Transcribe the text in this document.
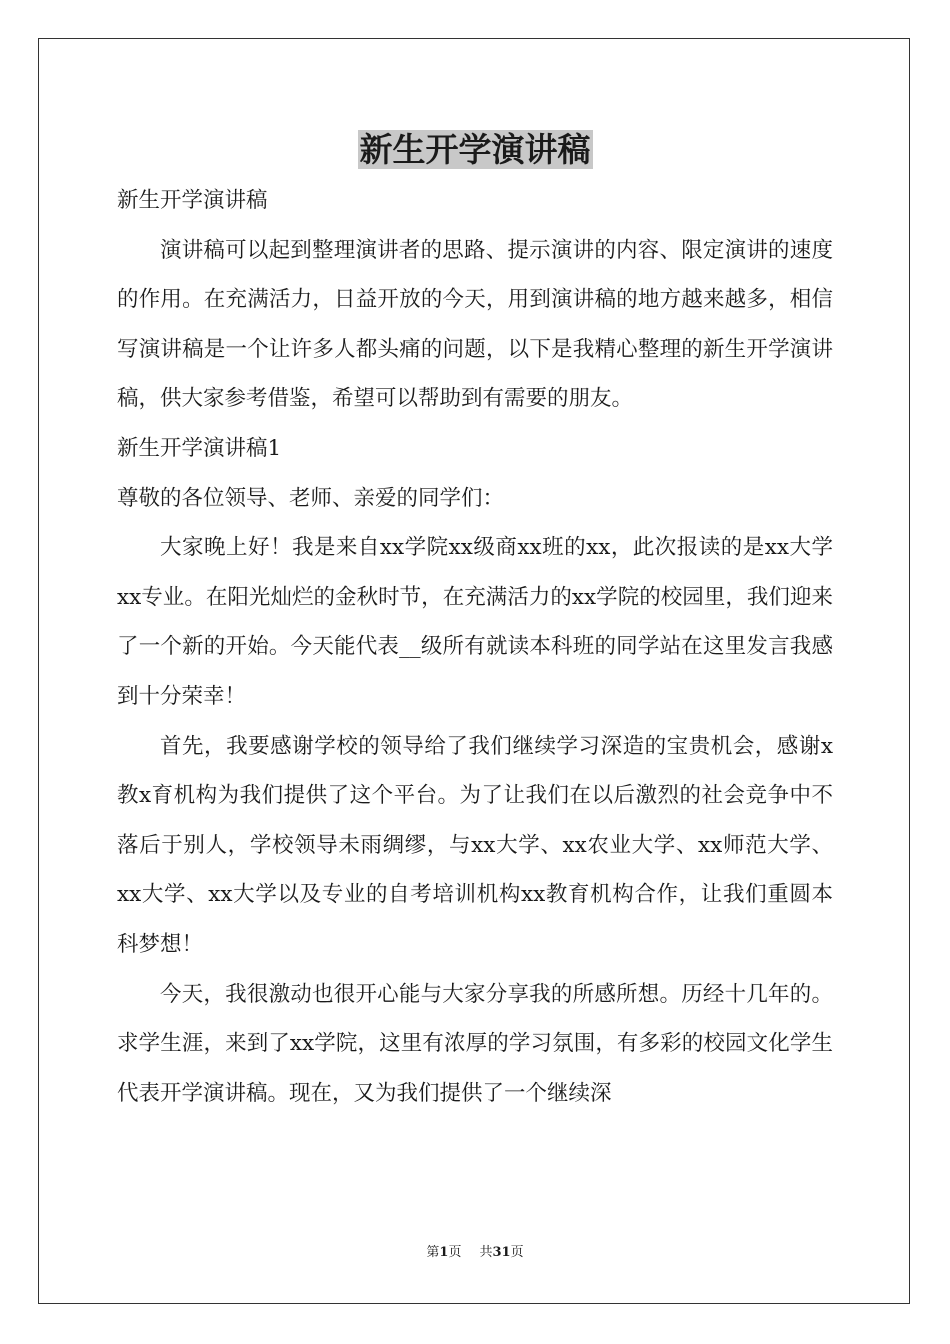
新生开学演讲稿

新生开学演讲稿

演讲稿可以起到整理演讲者的思路、提示演讲的内容、限定演讲的速度的作用。在充满活力，日益开放的今天，用到演讲稿的地方越来越多，相信写演讲稿是一个让许多人都头痛的问题，以下是我精心整理的新生开学演讲稿，供大家参考借鉴，希望可以帮助到有需要的朋友。

新生开学演讲稿1

尊敬的各位领导、老师、亲爱的同学们：

大家晚上好！我是来自xx学院xx级商xx班的xx，此次报读的是xx大学xx专业。在阳光灿烂的金秋时节，在充满活力的xx学院的校园里，我们迎来了一个新的开始。今天能代表__级所有就读本科班的同学站在这里发言我感到十分荣幸！

首先，我要感谢学校的领导给了我们继续学习深造的宝贵机会，感谢x教x育机构为我们提供了这个平台。为了让我们在以后激烈的社会竞争中不落后于别人，学校领导未雨绸缪，与xx大学、xx农业大学、xx师范大学、xx大学、xx大学以及专业的自考培训机构xx教育机构合作，让我们重圆本科梦想！

今天，我很激动也很开心能与大家分享我的所感所想。历经十几年的。求学生涯，来到了xx学院，这里有浓厚的学习氛围，有多彩的校园文化学生代表开学演讲稿。现在，又为我们提供了一个继续深

第1页 共31页
